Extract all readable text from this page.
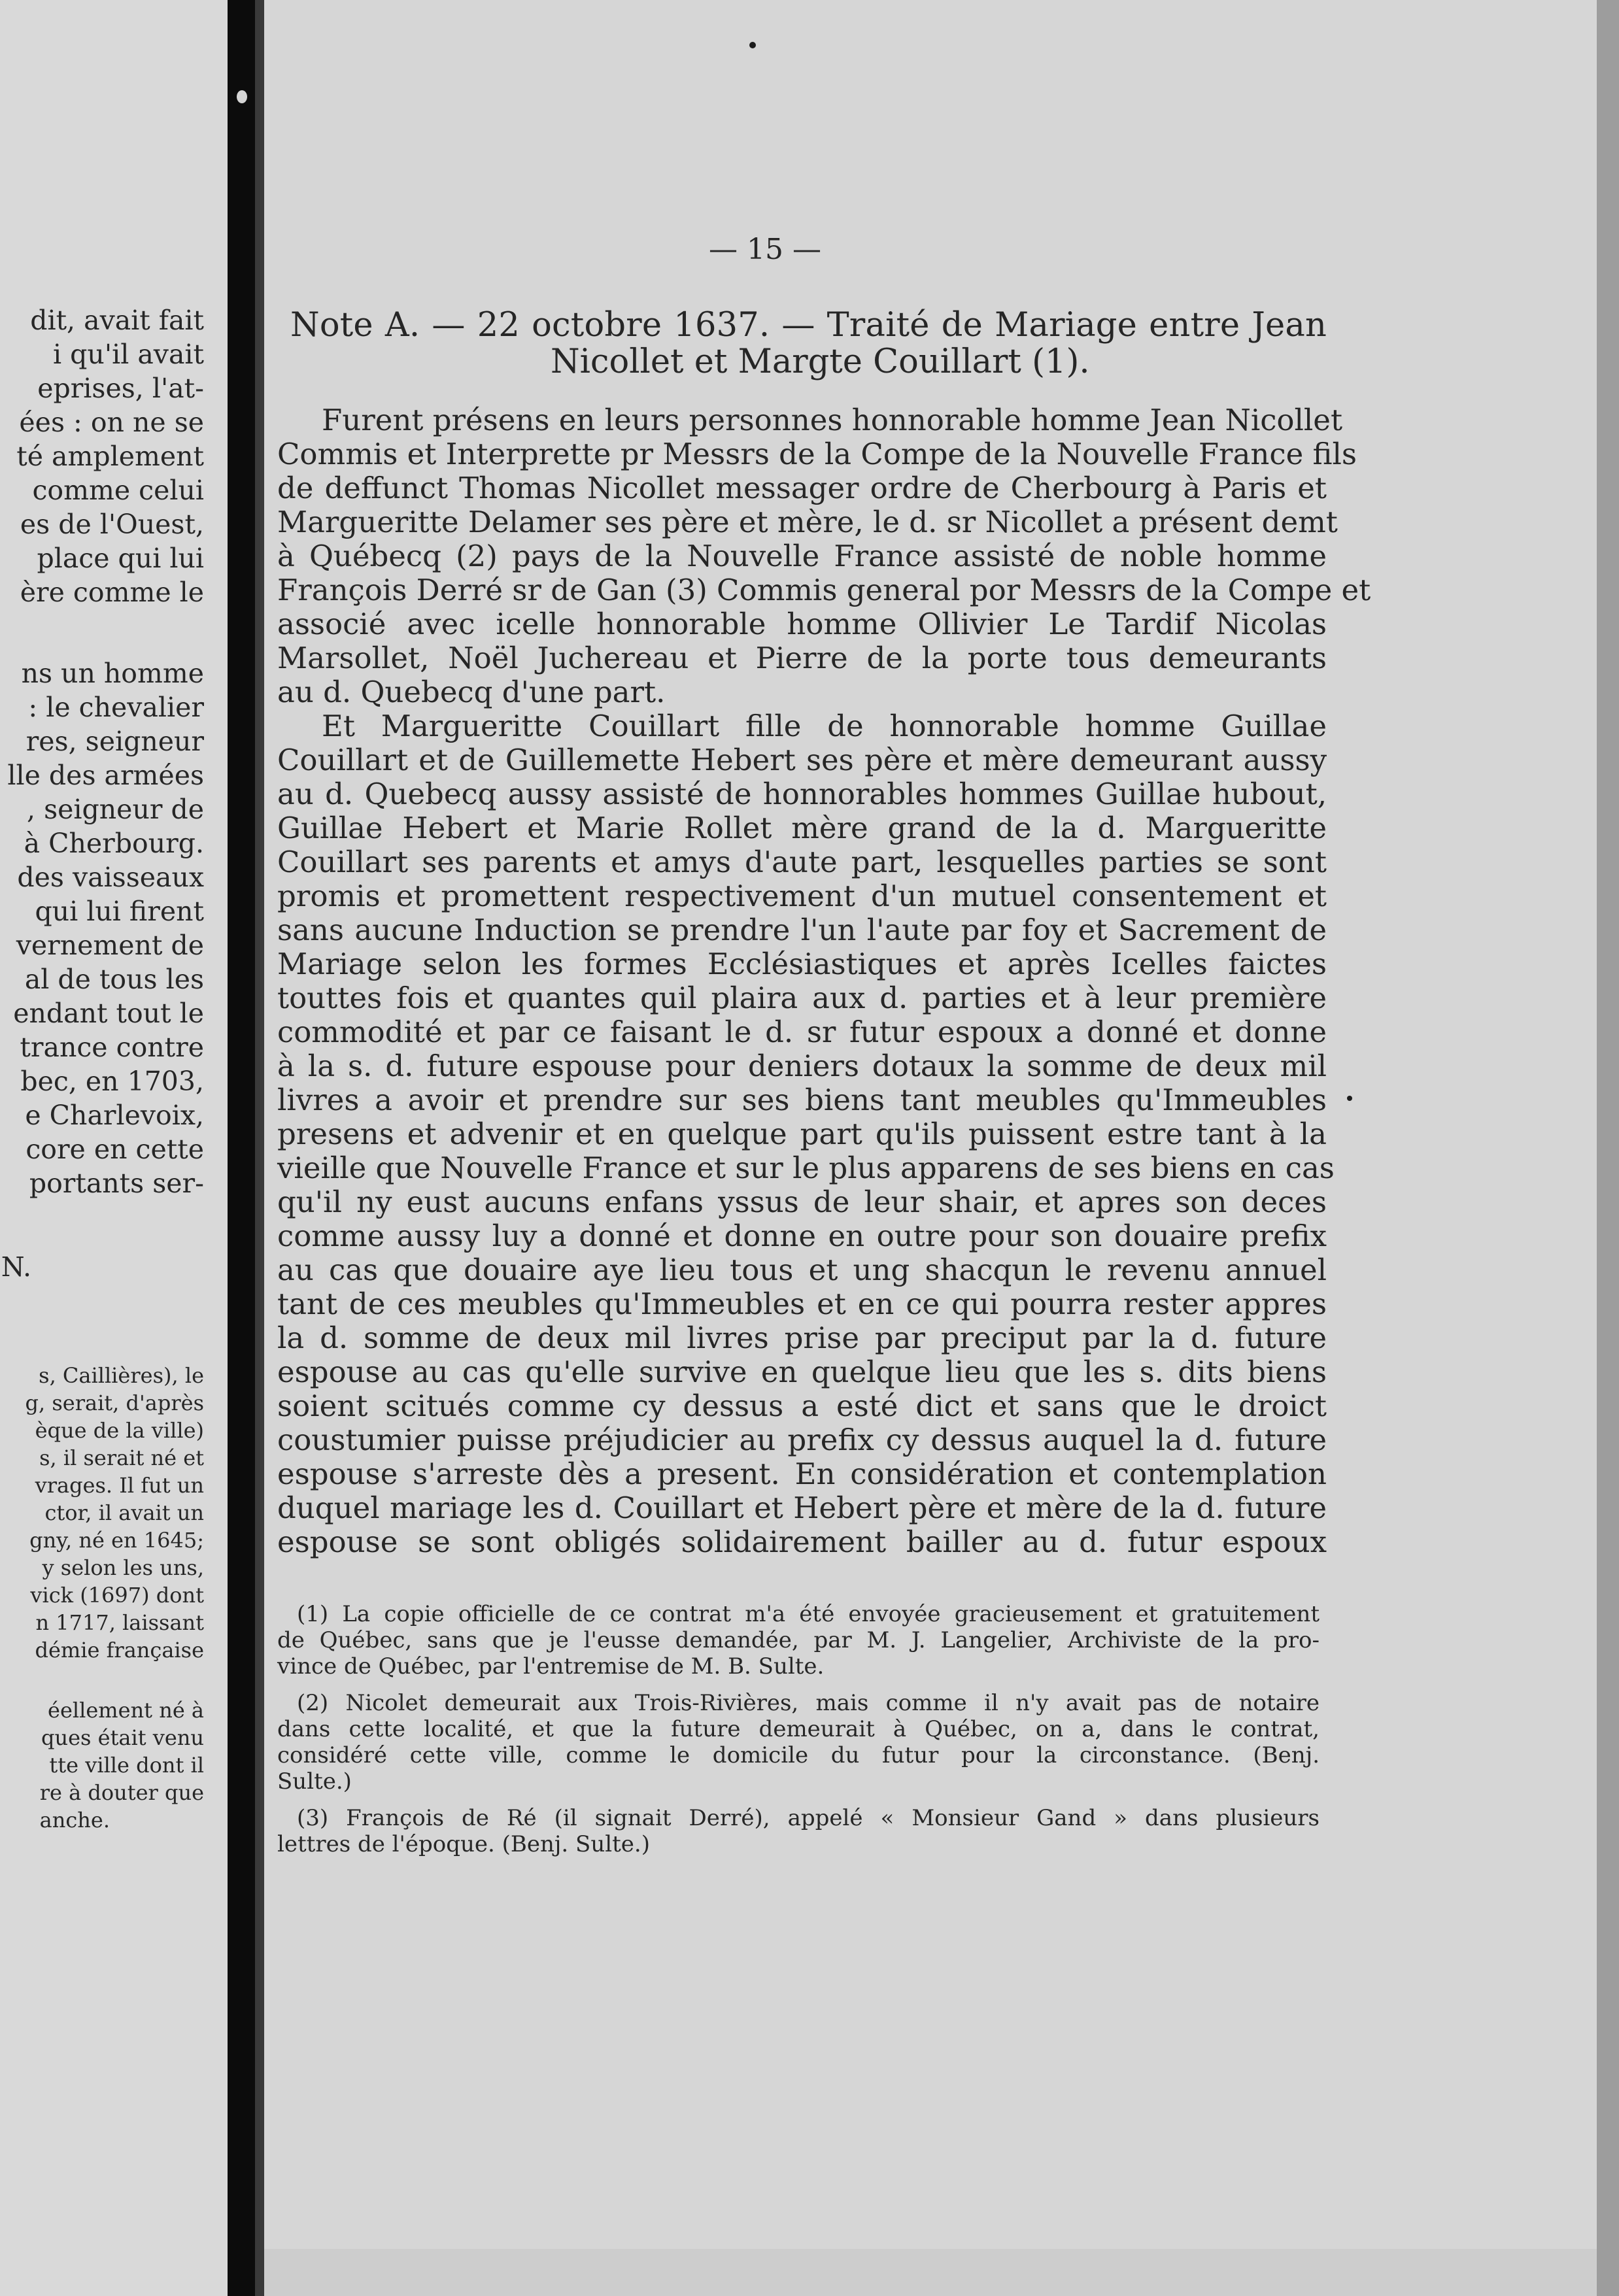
dit, avait fait
i qu'il avait
eprises, l'at-
ées : on ne se
té amplement
comme celui
es de l'Ouest,
place qui lui
ère comme le
ns un homme
: le chevalier
res, seigneur
lle des armées
, seigneur de
à Cherbourg.
des vaisseaux
qui lui firent
vernement de
al de tous les
endant tout le
trance contre
bec, en 1703,
e Charlevoix,
core en cette
portants ser-
N.
s, Caillières), le
g, serait, d'après
èque de la ville)
s, il serait né et
vrages. Il fut un
ctor, il avait un
gny, né en 1645;
y selon les uns,
vick (1697) dont
n 1717, laissant
démie française
éellement né à
ques était venu
tte ville dont il
re à douter que
anche.
— 15 —
Note A. — 22 octobre 1637. — Traité de Mariage entre Jean
Nicollet et Margte Couillart (1).
Furent présens en leurs personnes honnorable homme Jean Nicollet
Commis et Interprette pr Messrs de la Compe de la Nouvelle France fils
de deffunct Thomas Nicollet messager ordre de Cherbourg à Paris et
Margueritte Delamer ses père et mère, le d. sr Nicollet a présent demt
à Québecq (2) pays de la Nouvelle France assisté de noble homme
François Derré sr de Gan (3) Commis general por Messrs de la Compe et
associé avec icelle honnorable homme Ollivier Le Tardif Nicolas
Marsollet, Noël Juchereau et Pierre de la porte tous demeurants
au d. Quebecq d'une part.
Et Margueritte Couillart fille de honnorable homme Guillae
Couillart et de Guillemette Hebert ses père et mère demeurant aussy
au d. Quebecq aussy assisté de honnorables hommes Guillae hubout,
Guillae Hebert et Marie Rollet mère grand de la d. Margueritte
Couillart ses parents et amys d'aute part, lesquelles parties se sont
promis et promettent respectivement d'un mutuel consentement et
sans aucune Induction se prendre l'un l'aute par foy et Sacrement de
Mariage selon les formes Ecclésiastiques et après Icelles faictes
touttes fois et quantes quil plaira aux d. parties et à leur première
commodité et par ce faisant le d. sr futur espoux a donné et donne
à la s. d. future espouse pour deniers dotaux la somme de deux mil
livres a avoir et prendre sur ses biens tant meubles qu'Immeubles
presens et advenir et en quelque part qu'ils puissent estre tant à la
vieille que Nouvelle France et sur le plus apparens de ses biens en cas
qu'il ny eust aucuns enfans yssus de leur shair, et apres son deces
comme aussy luy a donné et donne en outre pour son douaire prefix
au cas que douaire aye lieu tous et ung shacqun le revenu annuel
tant de ces meubles qu'Immeubles et en ce qui pourra rester appres
la d. somme de deux mil livres prise par preciput par la d. future
espouse au cas qu'elle survive en quelque lieu que les s. dits biens
soient scitués comme cy dessus a esté dict et sans que le droict
coustumier puisse préjudicier au prefix cy dessus auquel la d. future
espouse s'arreste dès a present. En considération et contemplation
duquel mariage les d. Couillart et Hebert père et mère de la d. future
espouse se sont obligés solidairement bailler au d. futur espoux
(1) La copie officielle de ce contrat m'a été envoyée gracieusement et gratuitement
de Québec, sans que je l'eusse demandée, par M. J. Langelier, Archiviste de la pro-
vince de Québec, par l'entremise de M. B. Sulte.
(2) Nicolet demeurait aux Trois-Rivières, mais comme il n'y avait pas de notaire
dans cette localité, et que la future demeurait à Québec, on a, dans le contrat,
considéré cette ville, comme le domicile du futur pour la circonstance. (Benj.
Sulte.)
(3) François de Ré (il signait Derré), appelé « Monsieur Gand » dans plusieurs
lettres de l'époque. (Benj. Sulte.)
